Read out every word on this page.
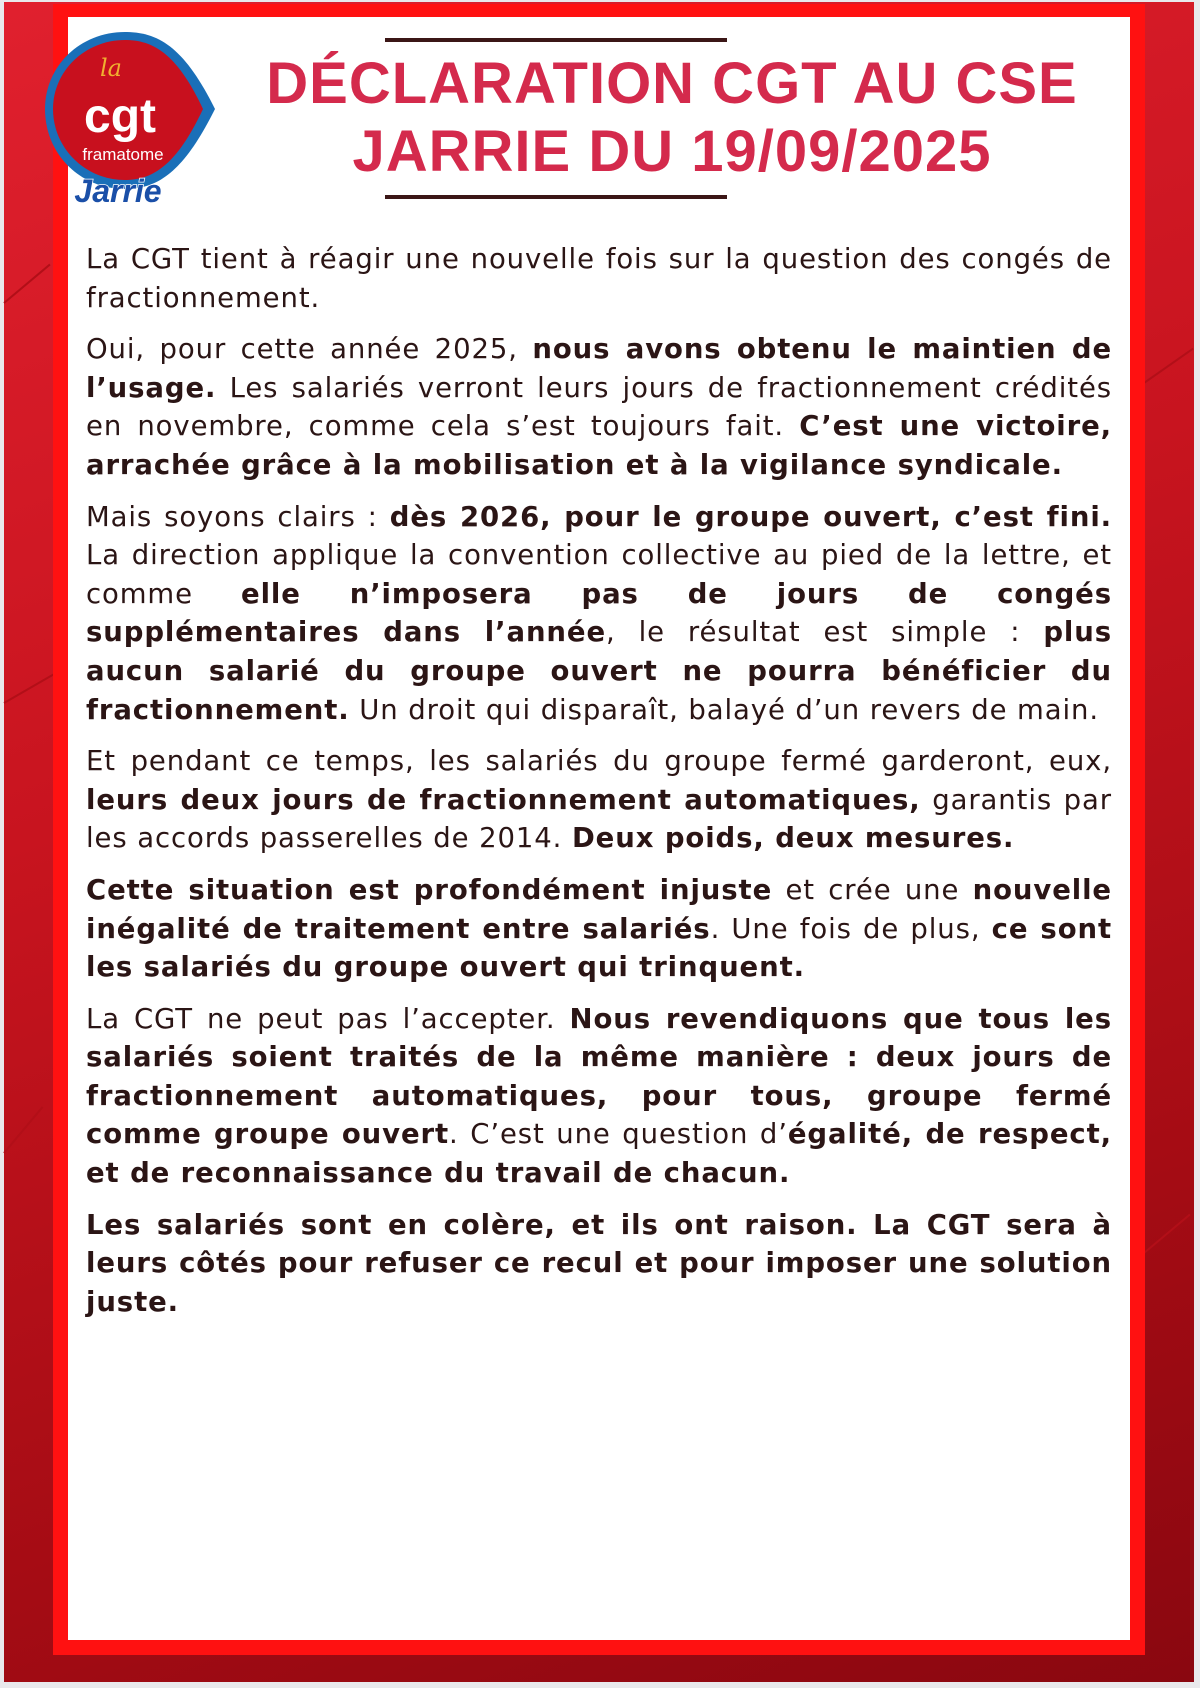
la
cgt
framatome
Jarrie
DÉCLARATION CGT AU CSE
JARRIE DU 19/09/2025

La CGT tient à réagir une nouvelle fois sur la question des congés de fractionnement.

Oui, pour cette année 2025, nous avons obtenu le maintien de l’usage. Les salariés verront leurs jours de fractionnement crédités en novembre, comme cela s’est toujours fait. C’est une victoire, arrachée grâce à la mobilisation et à la vigilance syndicale.

Mais soyons clairs : dès 2026, pour le groupe ouvert, c’est fini. La direction applique la convention collective au pied de la lettre, et comme elle n’imposera pas de jours de congés supplémentaires dans l’année, le résultat est simple : plus aucun salarié du groupe ouvert ne pourra bénéficier du fractionnement. Un droit qui disparaît, balayé d’un revers de main.

Et pendant ce temps, les salariés du groupe fermé garderont, eux, leurs deux jours de fractionnement automatiques, garantis par les accords passerelles de 2014. Deux poids, deux mesures.

Cette situation est profondément injuste et crée une nouvelle inégalité de traitement entre salariés. Une fois de plus, ce sont les salariés du groupe ouvert qui trinquent.

La CGT ne peut pas l’accepter. Nous revendiquons que tous les salariés soient traités de la même manière : deux jours de fractionnement automatiques, pour tous, groupe fermé comme groupe ouvert. C’est une question d’égalité, de respect, et de reconnaissance du travail de chacun.

Les salariés sont en colère, et ils ont raison. La CGT sera à leurs côtés pour refuser ce recul et pour imposer une solution juste.
